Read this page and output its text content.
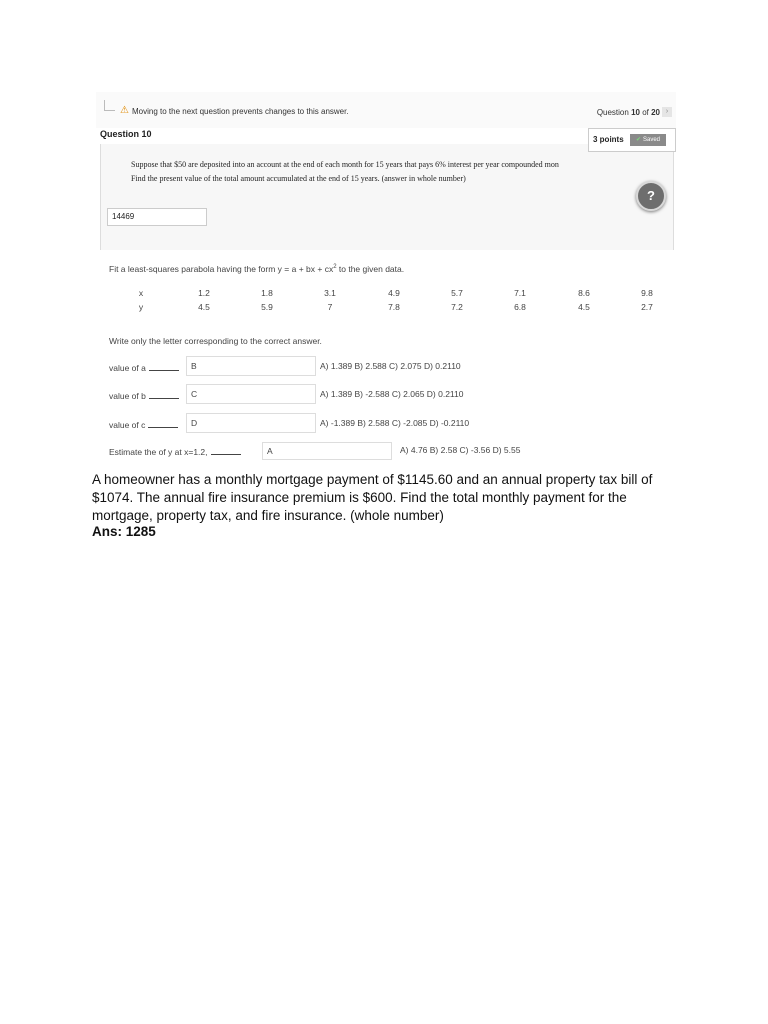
⚠ Moving to the next question prevents changes to this answer.	Question 10 of 20 ›
Question 10
Suppose that $50 are deposited into an account at the end of each month for 15 years that pays 6% interest per year compounded mon
Find the present value of the total amount accumulated at the end of 15 years. (answer in whole number)
?
14469
3 points	✔ Saved
Fit a least-squares parabola having the form y = a + bx + $cx^2$ to the given data.
x	1.2	1.8	3.1	4.9	5.7	7.1	8.6	9.8
y	4.5	5.9	7	7.8	7.2	6.8	4.5	2.7
Write only the letter corresponding to the correct answer.
value of a	B	A) 1.389 B) 2.588 C) 2.075 D) 0.2110
value of b	C	A) 1.389 B) -2.588 C) 2.065 D) 0.2110
value of c	D	A) -1.389 B) 2.588 C) -2.085 D) -0.2110
Estimate the of y at x=1.2,	A	A) 4.76 B) 2.58 C) -3.56 D) 5.55
A homeowner has a monthly mortgage payment of $1145.60 and an annual property tax bill of $1074. The annual fire insurance premium is $600. Find the total monthly payment for the mortgage, property tax, and fire insurance. (whole number)
Ans: 1285
